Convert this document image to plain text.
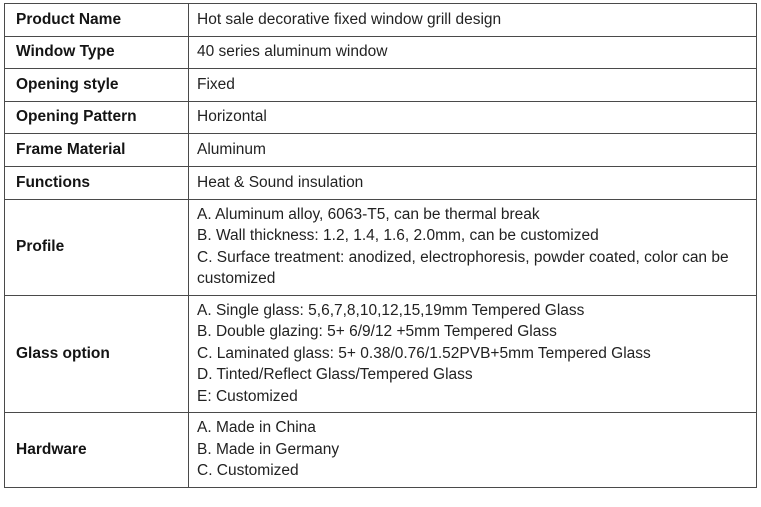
Product Name	Hot sale decorative fixed window grill design

Window Type	40 series aluminum window

Opening style	Fixed

Opening Pattern	Horizontal

Frame Material	Aluminum

Functions	Heat & Sound insulation

Profile	A. Aluminum alloy, 6063-T5, can be thermal break
B. Wall thickness: 1.2, 1.4, 1.6, 2.0mm, can be customized
C. Surface treatment: anodized, electrophoresis, powder coated, color can be
customized

Glass option	A. Single glass: 5,6,7,8,10,12,15,19mm Tempered Glass
B. Double glazing: 5+ 6/9/12 +5mm Tempered Glass
C. Laminated glass: 5+ 0.38/0.76/1.52PVB+5mm Tempered Glass
D. Tinted/Reflect Glass/Tempered Glass
E: Customized

Hardware	A. Made in China
B. Made in Germany
C. Customized
